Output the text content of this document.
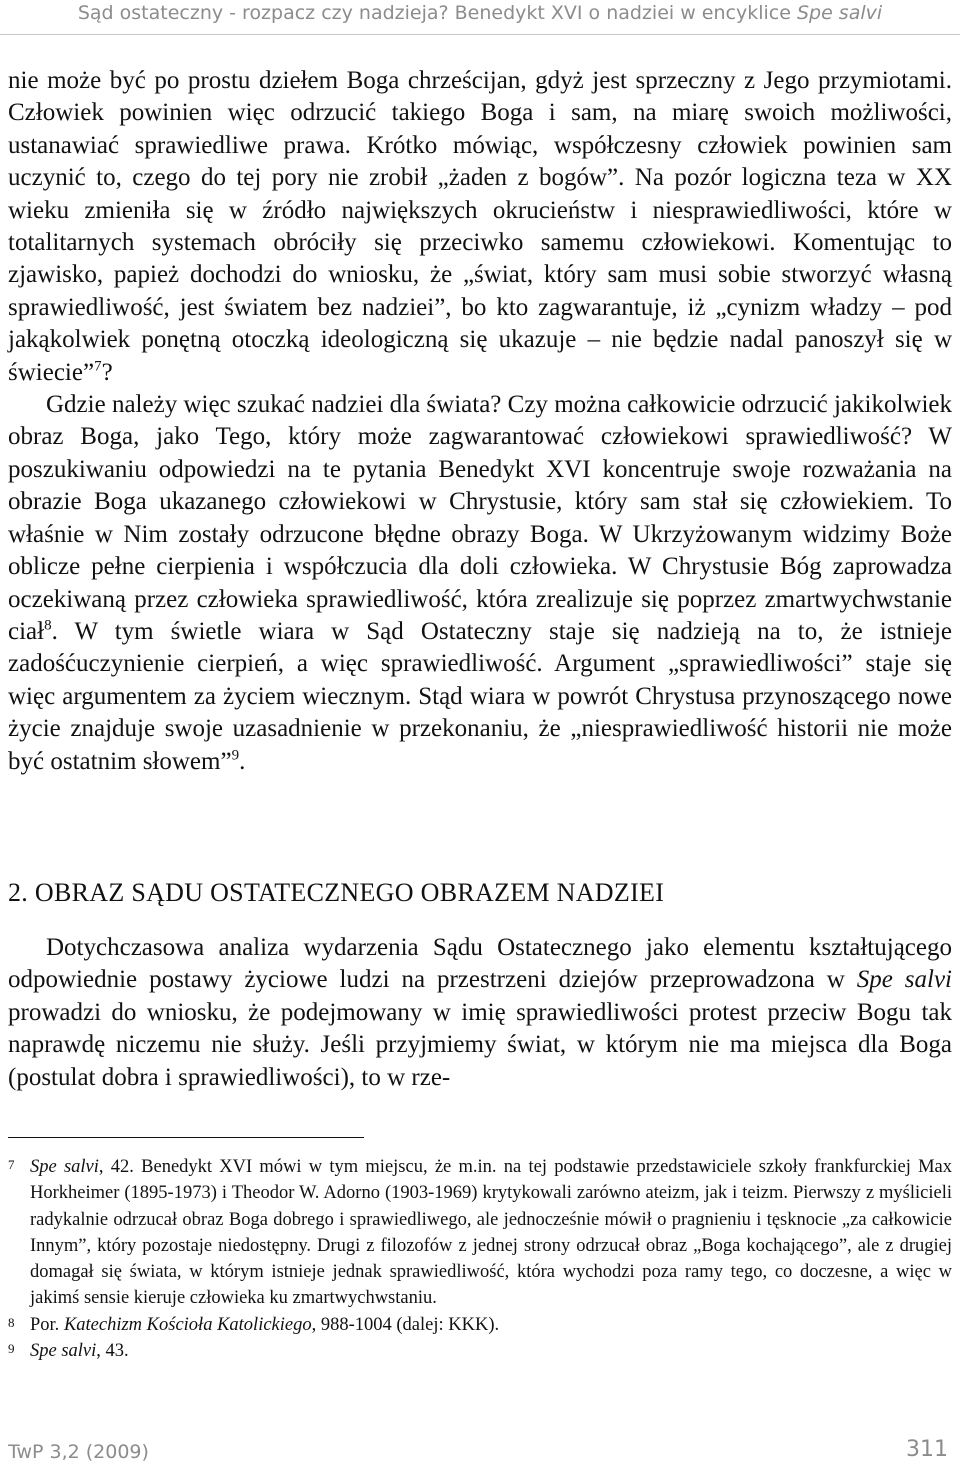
Sąd ostateczny - rozpacz czy nadzieja? Benedykt XVI o nadziei w encyklice Spe salvi

nie może być po prostu dziełem Boga chrześcijan, gdyż jest sprzeczny z Jego przymiotami. Człowiek powinien więc odrzucić takiego Boga i sam, na miarę swoich możliwości, ustanawiać sprawiedliwe prawa. Krótko mówiąc, współczesny człowiek powinien sam uczynić to, czego do tej pory nie zrobił „żaden z bogów”. Na pozór logiczna teza w XX wieku zmieniła się w źródło największych okrucieństw i niesprawiedliwości, które w totalitarnych systemach obróciły się przeciwko samemu człowiekowi. Komentując to zjawisko, papież dochodzi do wniosku, że „świat, który sam musi sobie stworzyć własną sprawiedliwość, jest światem bez nadziei”, bo kto zagwarantuje, iż „cynizm władzy – pod jakąkolwiek ponętną otoczką ideologiczną się ukazuje – nie będzie nadal panoszył się w świecie”$^7$?

Gdzie należy więc szukać nadziei dla świata? Czy można całkowicie odrzucić jakikolwiek obraz Boga, jako Tego, który może zagwarantować człowiekowi sprawiedliwość? W poszukiwaniu odpowiedzi na te pytania Benedykt XVI koncentruje swoje rozważania na obrazie Boga ukazanego człowiekowi w Chrystusie, który sam stał się człowiekiem. To właśnie w Nim zostały odrzucone błędne obrazy Boga. W Ukrzyżowanym widzimy Boże oblicze pełne cierpienia i współczucia dla doli człowieka. W Chrystusie Bóg zaprowadza oczekiwaną przez człowieka sprawiedliwość, która zrealizuje się poprzez zmartwychwstanie ciał$^8$. W tym świetle wiara w Sąd Ostateczny staje się nadzieją na to, że istnieje zadośćuczynienie cierpień, a więc sprawiedliwość. Argument „sprawiedliwości” staje się więc argumentem za życiem wiecznym. Stąd wiara w powrót Chrystusa przynoszącego nowe życie znajduje swoje uzasadnienie w przekonaniu, że „niesprawiedliwość historii nie może być ostatnim słowem”$^9$.

2. OBRAZ SĄDU OSTATECZNEGO OBRAZEM NADZIEI

Dotychczasowa analiza wydarzenia Sądu Ostatecznego jako elementu kształtującego odpowiednie postawy życiowe ludzi na przestrzeni dziejów przeprowadzona w Spe salvi prowadzi do wniosku, że podejmowany w imię sprawiedliwości protest przeciw Bogu tak naprawdę niczemu nie służy. Jeśli przyjmiemy świat, w którym nie ma miejsca dla Boga (postulat dobra i sprawiedliwości), to w rze-

7 Spe salvi, 42. Benedykt XVI mówi w tym miejscu, że m.in. na tej podstawie przedstawiciele szkoły frankfurckiej Max Horkheimer (1895-1973) i Theodor W. Adorno (1903-1969) krytykowali zarówno ateizm, jak i teizm. Pierwszy z myślicieli radykalnie odrzucał obraz Boga dobrego i sprawiedliwego, ale jednocześnie mówił o pragnieniu i tęsknocie „za całkowicie Innym”, który pozostaje niedostępny. Drugi z filozofów z jednej strony odrzucał obraz „Boga kochającego”, ale z drugiej domagał się świata, w którym istnieje jednak sprawiedliwość, która wychodzi poza ramy tego, co doczesne, a więc w jakimś sensie kieruje człowieka ku zmartwychwstaniu.

8 Por. Katechizm Kościoła Katolickiego, 988-1004 (dalej: KKK).

9 Spe salvi, 43.

TwP 3,2 (2009)	311
